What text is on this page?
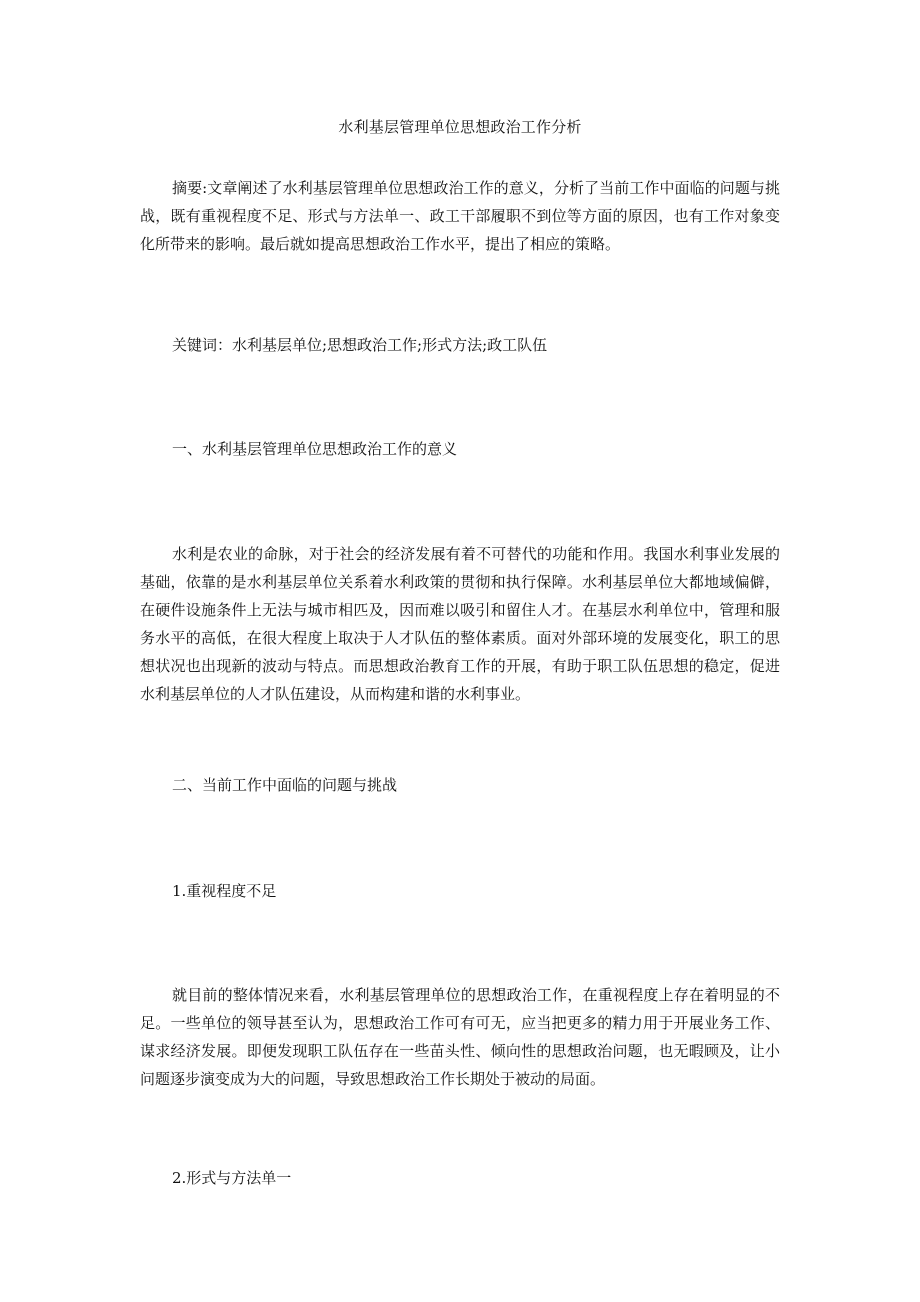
水利基层管理单位思想政治工作分析

摘要:文章阐述了水利基层管理单位思想政治工作的意义，分析了当前工作中面临的问题与挑战，既有重视程度不足、形式与方法单一、政工干部履职不到位等方面的原因，也有工作对象变化所带来的影响。最后就如提高思想政治工作水平，提出了相应的策略。

关键词：水利基层单位;思想政治工作;形式方法;政工队伍

一、水利基层管理单位思想政治工作的意义

水利是农业的命脉，对于社会的经济发展有着不可替代的功能和作用。我国水利事业发展的基础，依靠的是水利基层单位关系着水利政策的贯彻和执行保障。水利基层单位大都地域偏僻，在硬件设施条件上无法与城市相匹及，因而难以吸引和留住人才。在基层水利单位中，管理和服务水平的高低，在很大程度上取决于人才队伍的整体素质。面对外部环境的发展变化，职工的思想状况也出现新的波动与特点。而思想政治教育工作的开展，有助于职工队伍思想的稳定，促进水利基层单位的人才队伍建设，从而构建和谐的水利事业。

二、当前工作中面临的问题与挑战

1.重视程度不足

就目前的整体情况来看，水利基层管理单位的思想政治工作，在重视程度上存在着明显的不足。一些单位的领导甚至认为，思想政治工作可有可无，应当把更多的精力用于开展业务工作、谋求经济发展。即便发现职工队伍存在一些苗头性、倾向性的思想政治问题，也无暇顾及，让小问题逐步演变成为大的问题，导致思想政治工作长期处于被动的局面。

2.形式与方法单一
